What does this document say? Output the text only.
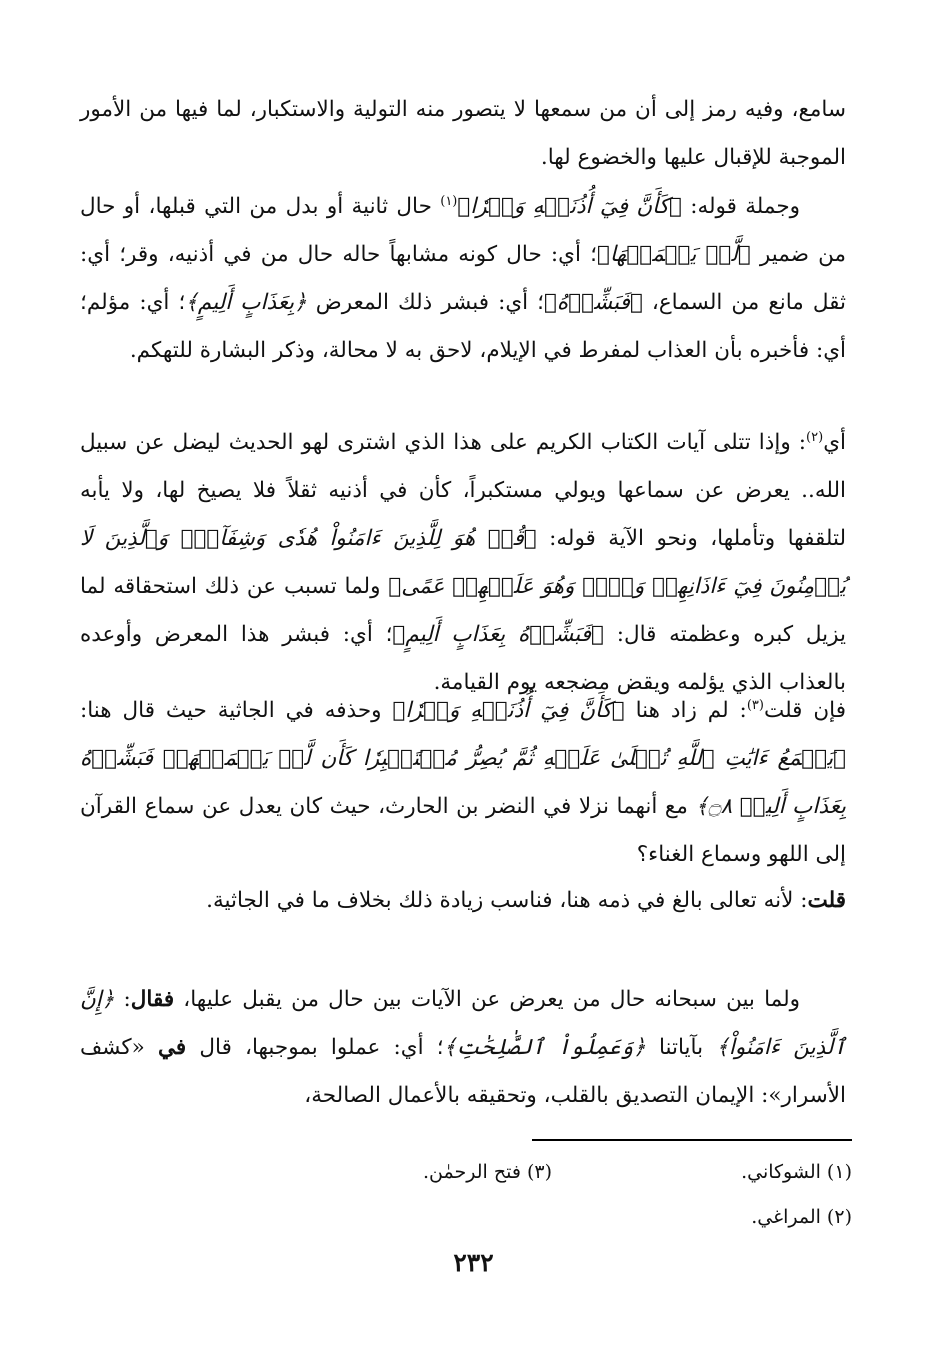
سامع، وفيه رمز إلى أن من سمعها لا يتصور منه التولية والاستكبار، لما فيها من الأمور الموجبة للإقبال عليها والخضوع لها.

وجملة قوله: ﴿كَأَنَّ فِيٓ أُذُنَيۡهِ وَقۡرٗا﴾$^{(١)}$ حال ثانية أو بدل من التي قبلها، أو حال من ضمير ﴿لَّمۡ يَسۡمَعۡهَا﴾؛ أي: حال كونه مشابهاً حاله حال من في أذنيه، وقر؛ أي: ثقل مانع من السماع، ﴿فَبَشِّرۡهُ﴾؛ أي: فبشر ذلك المعرض ﴿بِعَذَابٍ أَلِيمٍ﴾؛ أي: مؤلم؛ أي: فأخبره بأن العذاب لمفرط في الإيلام، لاحق به لا محالة، وذكر البشارة للتهكم.

أي$^{(٢)}$: وإذا تتلى آيات الكتاب الكريم على هذا الذي اشترى لهو الحديث ليضل عن سبيل الله.. يعرض عن سماعها ويولي مستكبراً، كأن في أذنيه ثقلاً فلا يصيخ لها، ولا يأبه لتلقفها وتأملها، ونحو الآية قوله: ﴿قُلۡ هُوَ لِلَّذِينَ ءَامَنُواْ هُدٗى وَشِفَآءٞۚ وَٱلَّذِينَ لَا يُؤۡمِنُونَ فِيٓ ءَاذَانِهِمۡ وَقۡرٞ وَهُوَ عَلَيۡهِمۡ عَمًى﴾ ولما تسبب عن ذلك استحقاقه لما يزيل كبره وعظمته قال: ﴿فَبَشِّرۡهُ بِعَذَابٍ أَلِيمٍ﴾؛ أي: فبشر هذا المعرض وأوعده بالعذاب الذي يؤلمه ويقض مضجعه يوم القيامة.

فإن قلت$^{(٣)}$: لم زاد هنا ﴿كَأَنَّ فِيٓ أُذُنَيۡهِ وَقۡرٗا﴾ وحذفه في الجاثية حيث قال هنا: ﴿يَسۡمَعُ ءَايَٰتِ ٱللَّهِ تُتۡلَىٰ عَلَيۡهِ ثُمَّ يُصِرُّ مُسۡتَكۡبِرٗا كَأَن لَّمۡ يَسۡمَعۡهَاۖ فَبَشِّرۡهُ بِعَذَابٍ أَلِيمٖ ۝٨﴾ مع أنهما نزلا في النضر بن الحارث، حيث كان يعدل عن سماع القرآن إلى اللهو وسماع الغناء؟

قلت: لأنه تعالى بالغ في ذمه هنا، فناسب زيادة ذلك بخلاف ما في الجاثية.

ولما بين سبحانه حال من يعرض عن الآيات بين حال من يقبل عليها، فقال: ﴿إِنَّ ٱلَّذِينَ ءَامَنُواْ﴾ بآياتنا ﴿وَعَمِلُواْ ٱلصَّٰلِحَٰتِ﴾؛ أي: عملوا بموجبها، قال في «كشف الأسرار»: الإيمان التصديق بالقلب، وتحقيقه بالأعمال الصالحة،

(١) الشوكاني.
(٣) فتح الرحمٰن.
(٢) المراغي.
٢٣٢
